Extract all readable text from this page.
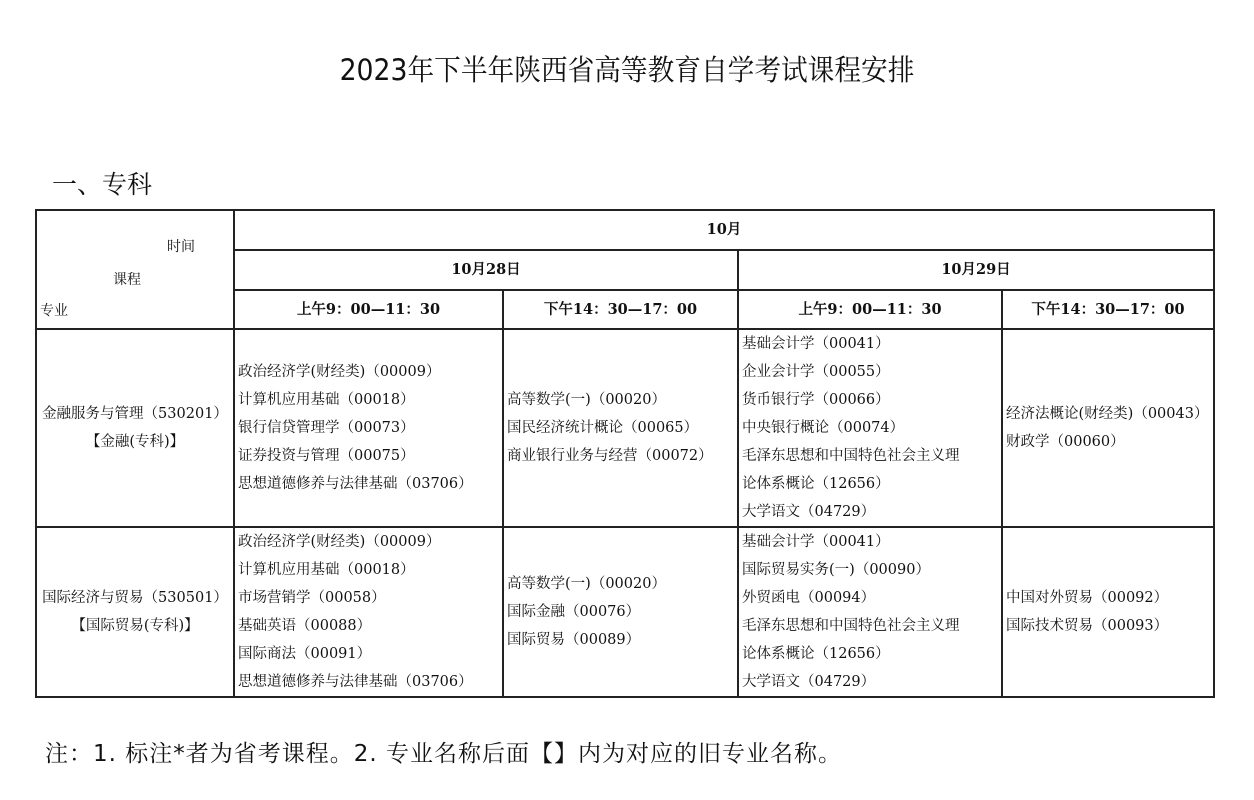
2023年下半年陕西省高等教育自学考试课程安排
一、专科
时间
课程
专业	10月			
	10月28日		10月29日	
	上午9：00—11：30	下午14：30—17：00	上午9：00—11：30	下午14：30—17：00

金融服务与管理（530201）
【金融(专科)】

政治经济学(财经类)（00009）
计算机应用基础（00018）
银行信贷管理学（00073）
证券投资与管理（00075）
思想道德修养与法律基础（03706）

高等数学(一)（00020）
国民经济统计概论（00065）
商业银行业务与经营（00072）

基础会计学（00041）
企业会计学（00055）
货币银行学（00066）
中央银行概论（00074）
毛泽东思想和中国特色社会主义理
论体系概论（12656）
大学语文（04729）

经济法概论(财经类)（00043）
财政学（00060）

国际经济与贸易（530501）
【国际贸易(专科)】

政治经济学(财经类)（00009）
计算机应用基础（00018）
市场营销学（00058）
基础英语（00088）
国际商法（00091）
思想道德修养与法律基础（03706）

高等数学(一)（00020）
国际金融（00076）
国际贸易（00089）

基础会计学（00041）
国际贸易实务(一)（00090）
外贸函电（00094）
毛泽东思想和中国特色社会主义理
论体系概论（12656）
大学语文（04729）

中国对外贸易（00092）
国际技术贸易（00093）
注：1. 标注*者为省考课程。2. 专业名称后面【】内为对应的旧专业名称。
